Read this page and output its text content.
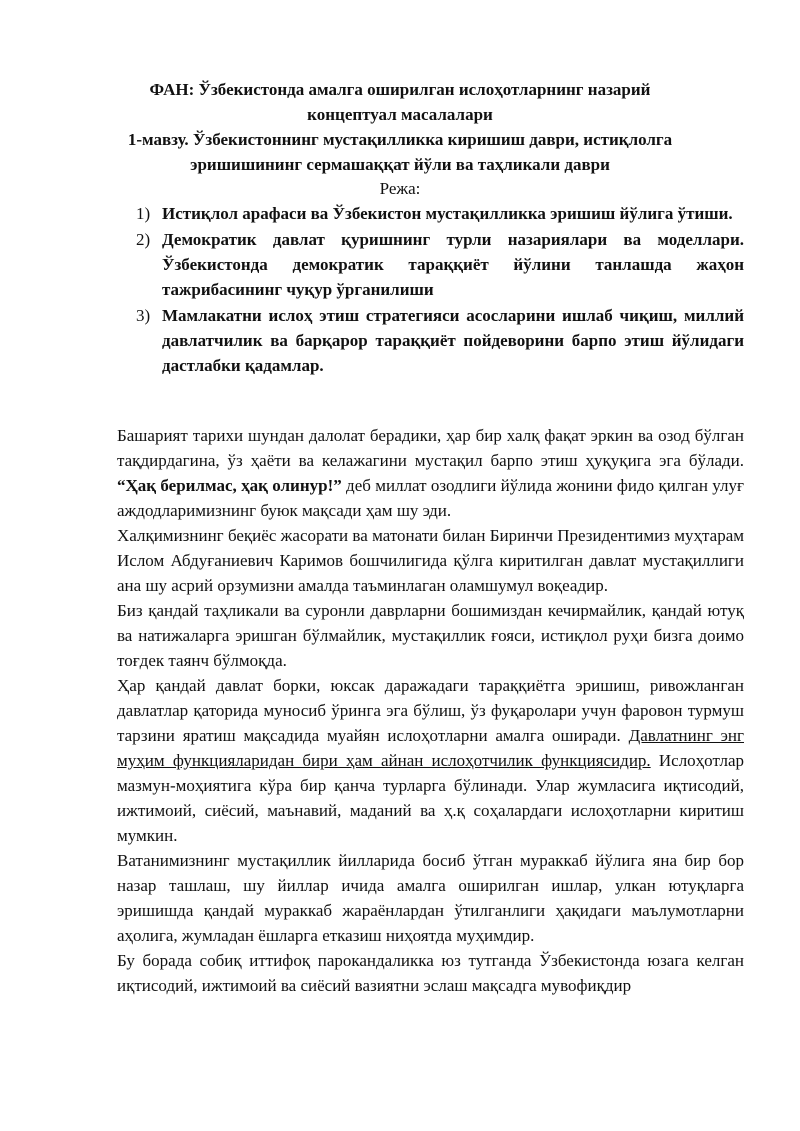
ФАН: Ўзбекистонда амалга оширилган ислоҳотларнинг назарий

концептуал масалалари

1-мавзу. Ўзбекистоннинг мустақилликка киришиш даври, истиқлолга

эришишининг сермашаққат йўли ва таҳликали даври

Режа:

1) Истиқлол арафаси ва Ўзбекистон мустақилликка эришиш йўлига ўтиши.
2) Демократик давлат қуришнинг турли назариялари ва моделлари. Ўзбекистонда демократик тараққиёт йўлини танлашда жаҳон тажрибасининг чуқур ўрганилиши
3) Мамлакатни ислоҳ этиш стратегияси асосларини ишлаб чиқиш, миллий давлатчилик ва барқарор тараққиёт пойдеворини барпо этиш йўлидаги дастлабки қадамлар.

Башарият тарихи шундан далолат берадики, ҳар бир халқ фақат эркин ва озод бўлган тақдирдагина, ўз ҳаёти ва келажагини мустақил барпо этиш ҳуқуқига эга бўлади. “Ҳақ берилмас, ҳақ олинур!” деб миллат озодлиги йўлида жонини фидо қилган улуғ аждодларимизнинг буюк мақсади ҳам шу эди.

Халқимизнинг беқиёс жасорати ва матонати билан Биринчи Президентимиз муҳтарам Ислом Абдуғаниевич Каримов бошчилигида қўлга киритилган давлат мустақиллиги ана шу асрий орзумизни амалда таъминлаган оламшумул воқеадир.

Биз қандай таҳликали ва суронли даврларни бошимиздан кечирмайлик, қандай ютуқ ва натижаларга эришган бўлмайлик, мустақиллик ғояси, истиқлол руҳи бизга доимо тоғдек таянч бўлмоқда.

Ҳар қандай давлат борки, юксак даражадаги тараққиётга эришиш, ривожланган давлатлар қаторида муносиб ўринга эга бўлиш, ўз фуқаролари учун фаровон турмуш тарзини яратиш мақсадида муайян ислоҳотларни амалга оширади. Давлатнинг энг муҳим функцияларидан бири ҳам айнан ислоҳотчилик функциясидир. Ислоҳотлар мазмун-моҳиятига кўра бир қанча турларга бўлинади. Улар жумласига иқтисодий, ижтимоий, сиёсий, маънавий, маданий ва ҳ.қ соҳалардаги ислоҳотларни киритиш мумкин.

Ватанимизнинг мустақиллик йилларида босиб ўтган мураккаб йўлига яна бир бор назар ташлаш, шу йиллар ичида амалга оширилган ишлар, улкан ютуқларга эришишда қандай мураккаб жараёнлардан ўтилганлиги ҳақидаги маълумотларни аҳолига, жумладан ёшларга етказиш ниҳоятда муҳимдир.

Бу борада собиқ иттифоқ парокандаликка юз тутганда Ўзбекистонда юзага келган иқтисодий, ижтимоий ва сиёсий вазиятни эслаш мақсадга мувофиқдир
